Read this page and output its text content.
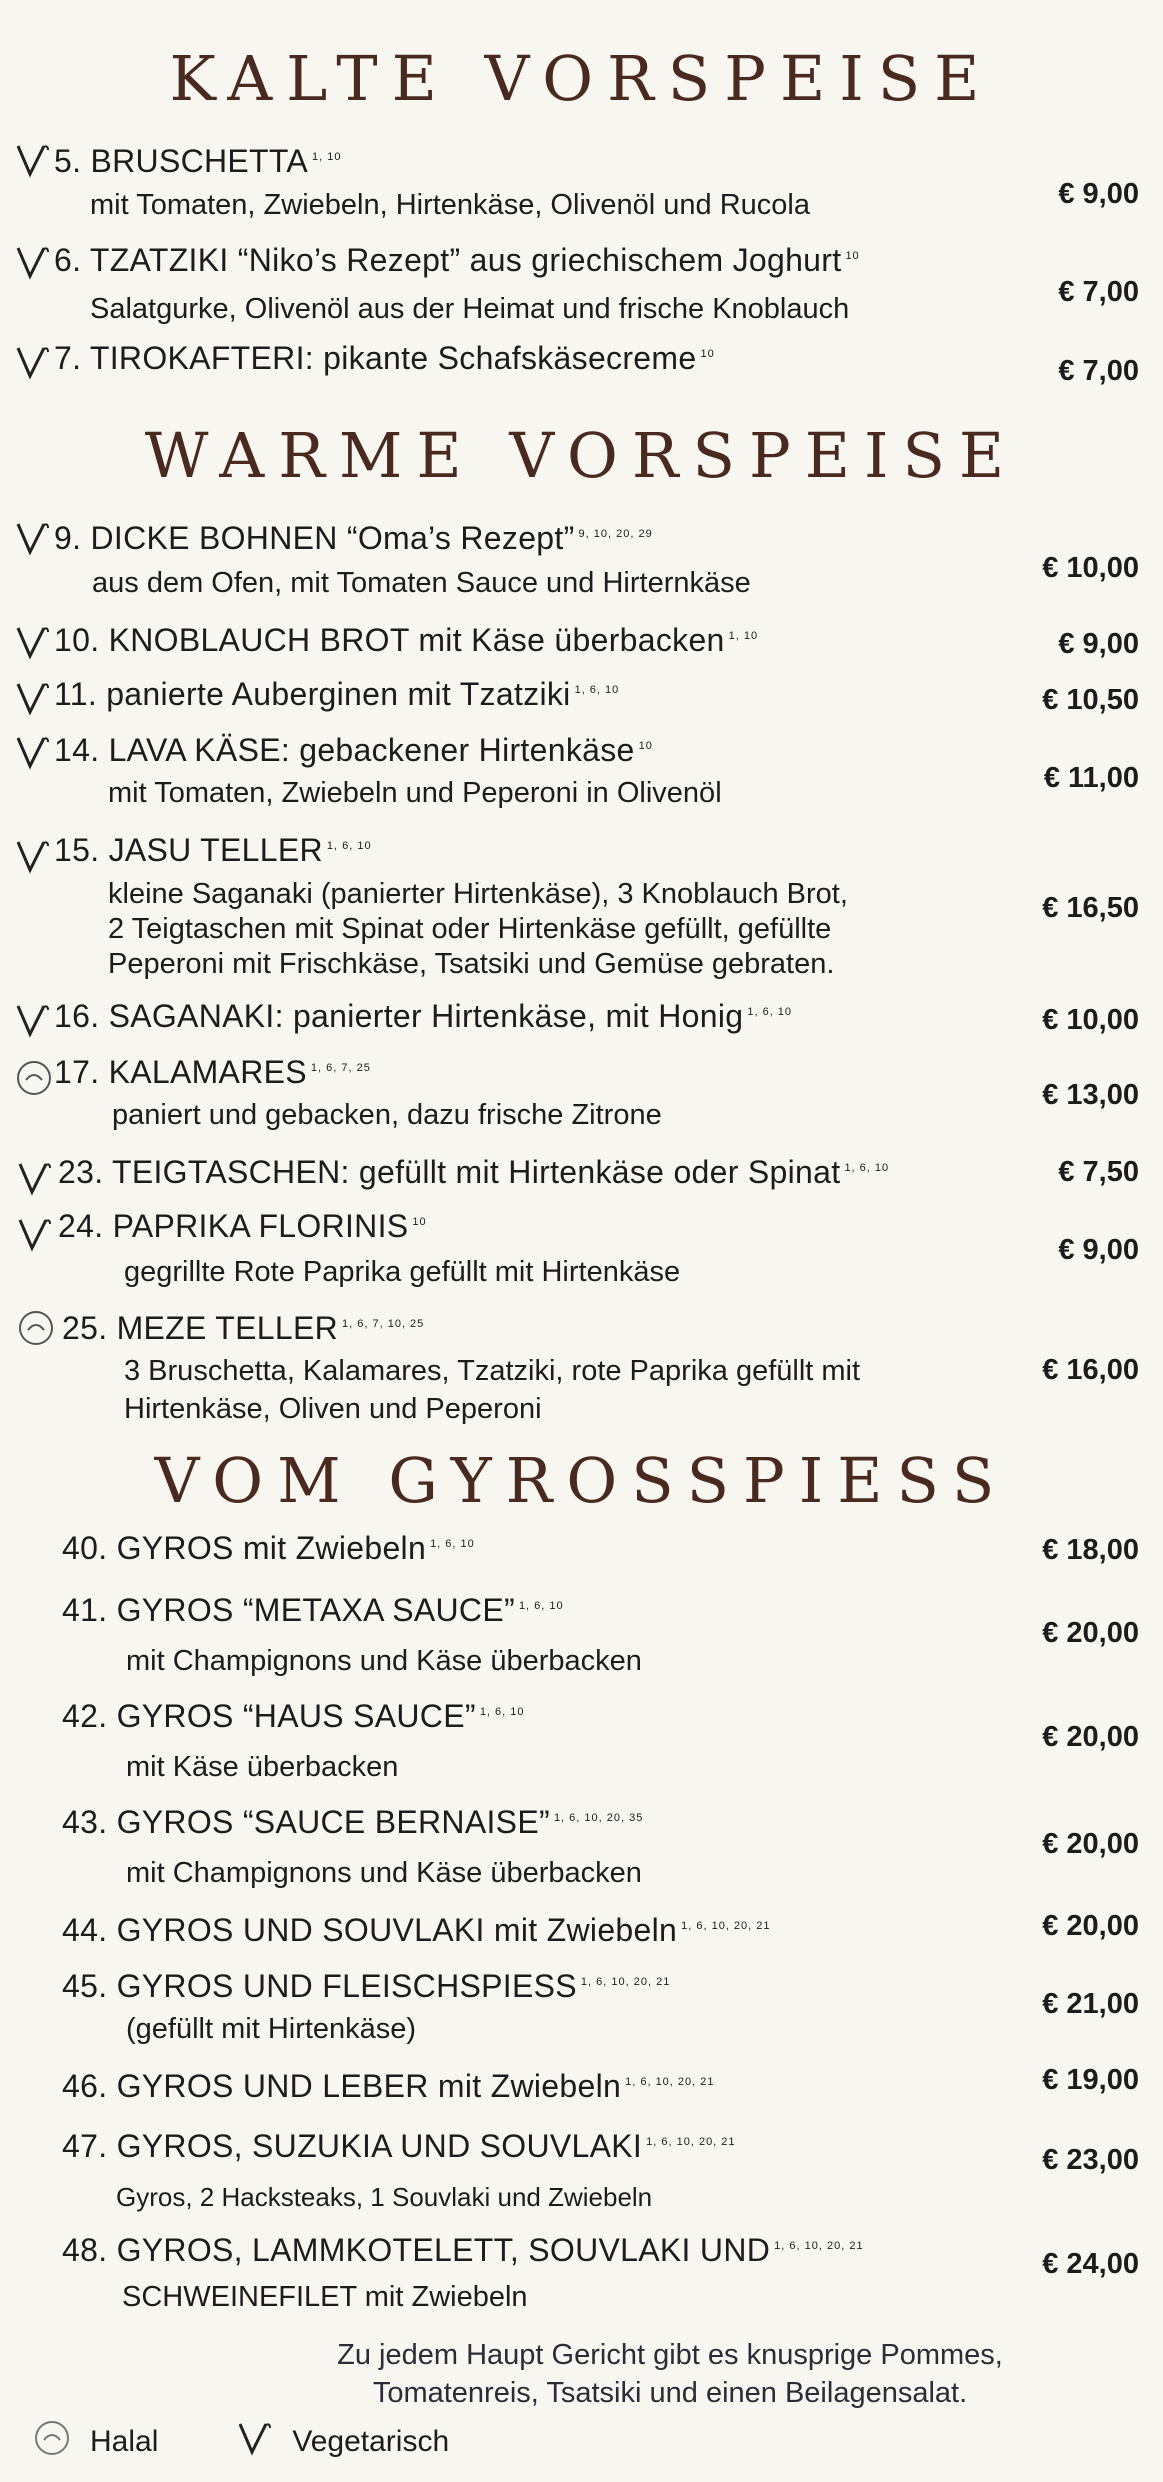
KALTE VORSPEISE
5. BRUSCHETTA $^{1, 10}$
mit Tomaten, Zwiebeln, Hirtenkäse, Olivenöl und Rucola	€ 9,00
6. TZATZIKI “Niko’s Rezept” aus griechischem Joghurt $^{10}$
Salatgurke, Olivenöl aus der Heimat und frische Knoblauch
€ 7,00
7. TIROKAFTERI: pikante Schafskäsecreme $^{10}$
€ 7,00
WARME VORSPEISE
9. DICKE BOHNEN “Oma’s Rezept” $^{9, 10, 20, 29}$
aus dem Ofen, mit Tomaten Sauce und Hirternkäse	€ 10,00
10. KNOBLAUCH BROT mit Käse überbacken $^{1, 10}$	€ 9,00
11. panierte Auberginen mit Tzatziki $^{1, 6, 10}$	€ 10,50
14. LAVA KÄSE: gebackener Hirtenkäse $^{10}$
mit Tomaten, Zwiebeln und Peperoni in Olivenöl	€ 11,00
15. JASU TELLER $^{1, 6, 10}$
kleine Saganaki (panierter Hirtenkäse), 3 Knoblauch Brot,
2 Teigtaschen mit Spinat oder Hirtenkäse gefüllt, gefüllte
Peperoni mit Frischkäse, Tsatsiki und Gemüse gebraten.
€ 16,50
16. SAGANAKI: panierter Hirtenkäse, mit Honig $^{1, 6, 10}$	€ 10,00
17. KALAMARES $^{1, 6, 7, 25}$
paniert und gebacken, dazu frische Zitrone
€ 13,00
23. TEIGTASCHEN: gefüllt mit Hirtenkäse oder Spinat $^{1, 6, 10}$	€ 7,50
24. PAPRIKA FLORINIS $^{10}$
gegrillte Rote Paprika gefüllt mit Hirtenkäse
€ 9,00
25. MEZE TELLER $^{1, 6, 7, 10, 25}$
3 Bruschetta, Kalamares, Tzatziki, rote Paprika gefüllt mit
Hirtenkäse, Oliven und Peperoni
€ 16,00
VOM GYROSSPIESS
40. GYROS mit Zwiebeln $^{1, 6, 10}$	€ 18,00
41. GYROS “METAXA SAUCE” $^{1, 6, 10}$
mit Champignons und Käse überbacken
€ 20,00
42. GYROS “HAUS SAUCE” $^{1, 6, 10}$
mit Käse überbacken
€ 20,00
43. GYROS “SAUCE BERNAISE” $^{1, 6, 10, 20, 35}$
mit Champignons und Käse überbacken
€ 20,00
44. GYROS UND SOUVLAKI mit Zwiebeln $^{1, 6, 10, 20, 21}$	€ 20,00
45. GYROS UND FLEISCHSPIESS $^{1, 6, 10, 20, 21}$
(gefüllt mit Hirtenkäse)
€ 21,00
46. GYROS UND LEBER mit Zwiebeln $^{1, 6, 10, 20, 21}$	€ 19,00
47. GYROS, SUZUKIA UND SOUVLAKI $^{1, 6, 10, 20, 21}$
Gyros, 2 Hacksteaks, 1 Souvlaki und Zwiebeln
€ 23,00
48. GYROS, LAMMKOTELETT, SOUVLAKI UND $^{1, 6, 10, 20, 21}$
SCHWEINEFILET mit Zwiebeln
€ 24,00
Zu jedem Haupt Gericht gibt es knusprige Pommes,
Tomatenreis, Tsatsiki und einen Beilagensalat.
Halal	Vegetarisch
